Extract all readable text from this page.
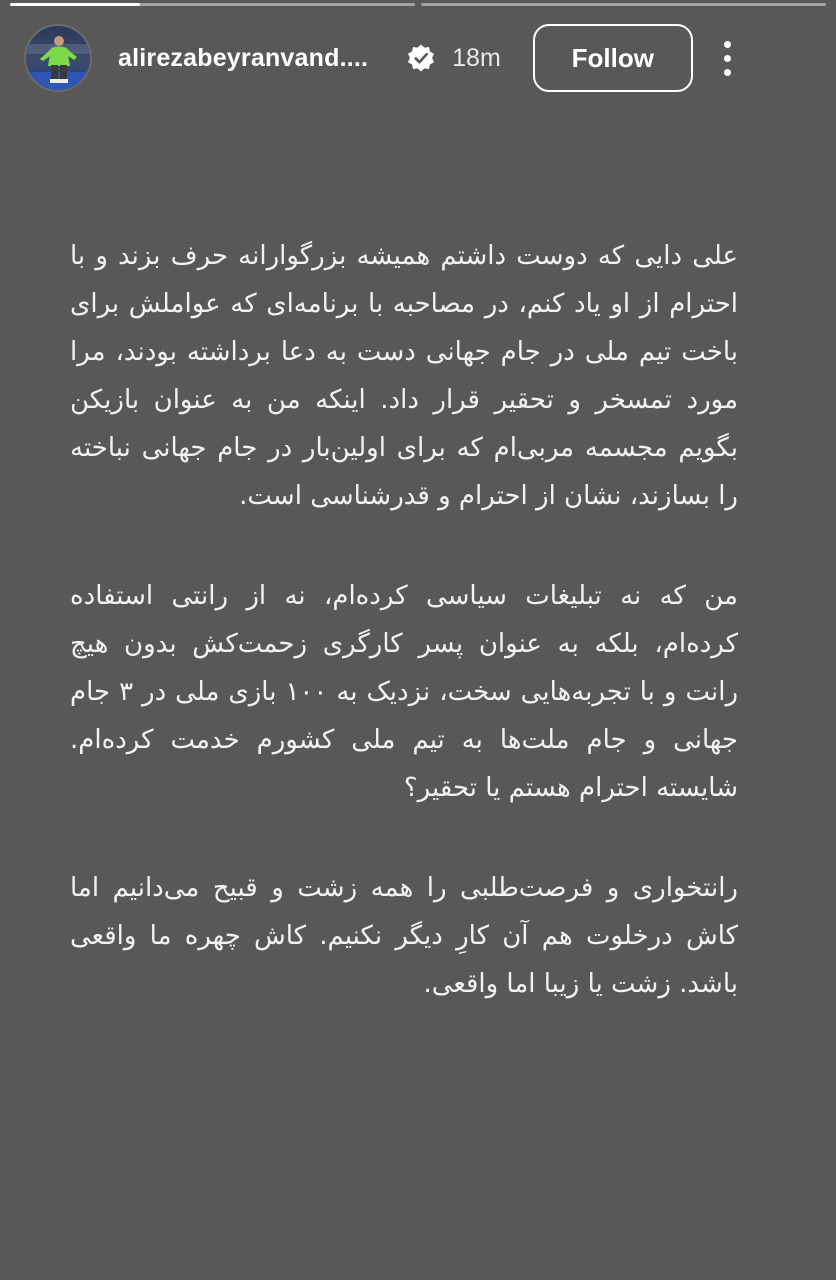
alirezabeyranvand....	18m	Follow

علی دایی که دوست داشتم همیشه بزرگوارانه حرف بزند و با احترام از او یاد کنم، در مصاحبه با برنامه‌ای که عواملش برای باخت تیم ملی در جام جهانی دست به دعا برداشته بودند، مرا مورد تمسخر و تحقیر قرار داد. اینکه من به عنوان بازیکن بگویم مجسمه مربی‌ام که برای اولین‌بار در جام جهانی نباخته را بسازند، نشان از احترام و قدرشناسی است.

من که نه تبلیغات سیاسی کرده‌ام، نه از رانتی استفاده کرده‌ام، بلکه به عنوان پسر کارگری زحمت‌کش بدون هیچ رانت و با تجربه‌هایی سخت، نزدیک به ۱۰۰ بازی ملی در ۳ جام جهانی و جام ملت‌ها به تیم ملی کشورم خدمت کرده‌ام. شایسته احترام هستم یا تحقیر؟

رانتخواری و فرصت‌طلبی را همه زشت و قبیح می‌دانیم اما کاش درخلوت هم آن کارِ دیگر نکنیم. کاش چهره ما واقعی باشد. زشت یا زیبا اما واقعی.
